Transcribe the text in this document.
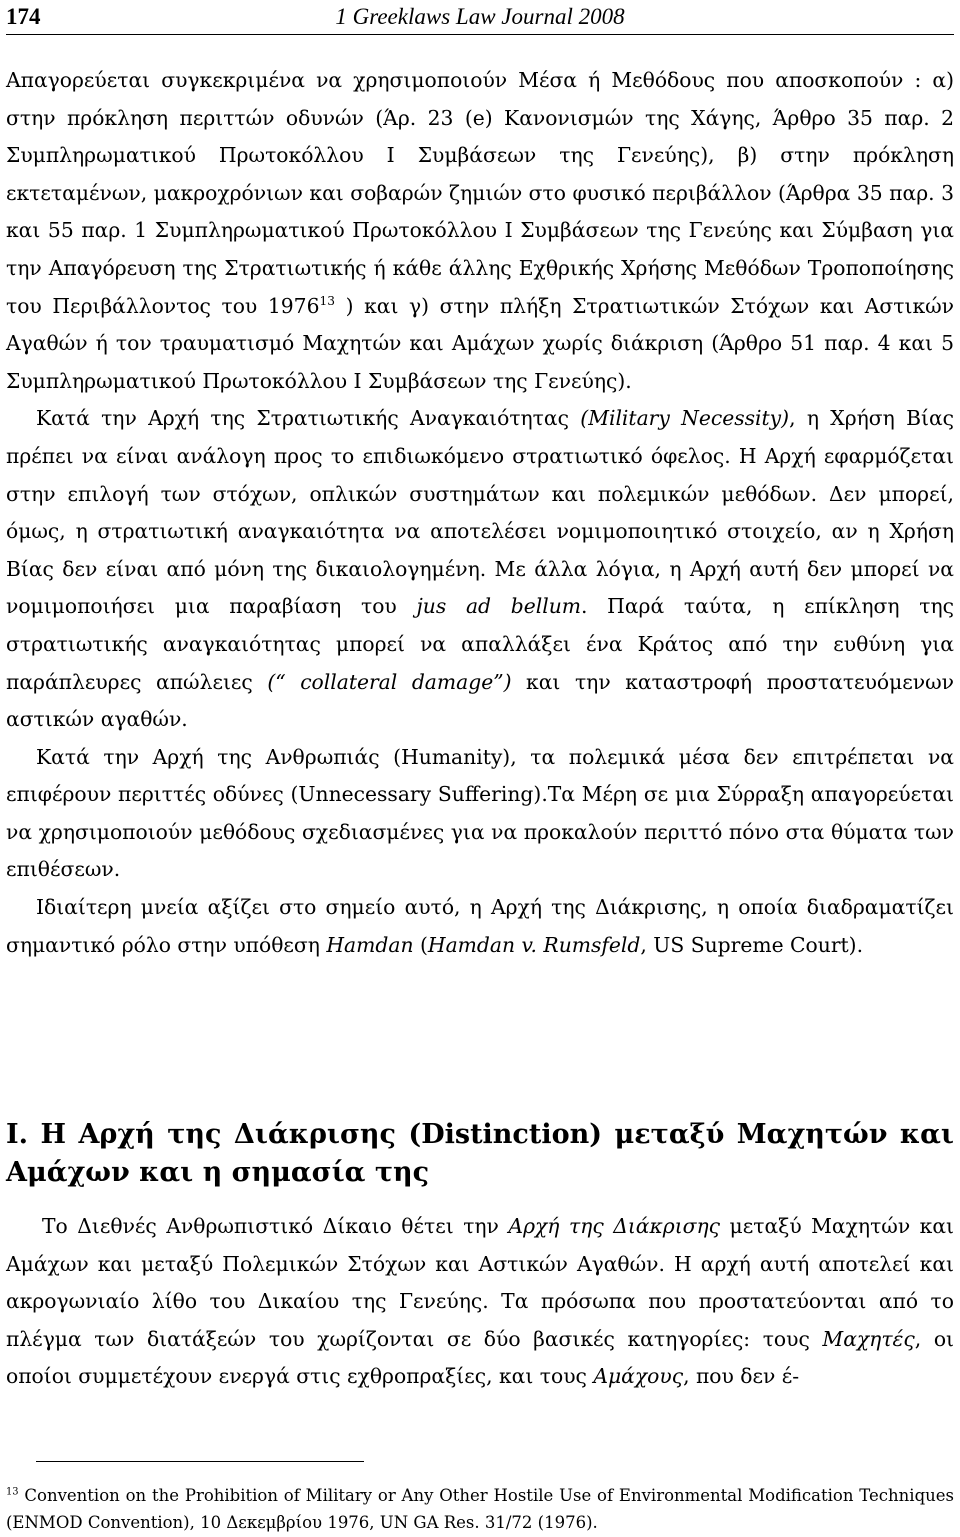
174	1 Greeklaws Law Journal 2008

Απαγορεύεται συγκεκριμένα να χρησιμοποιούν Μέσα ή Μεθόδους που αποσκοπούν : α) στην πρόκληση περιττών οδυνών (Άρ. 23 (e) Κανονισμών της Χάγης, Άρθρο 35 παρ. 2 Συμπληρωματικού Πρωτοκόλλου Ι Συμβάσεων της Γενεύης), β) στην πρόκληση εκτεταμένων, μακροχρόνιων και σοβαρών ζημιών στο φυσικό περιβάλλον (Άρθρα 35 παρ. 3 και 55 παρ. 1 Συμπληρωματικού Πρωτοκόλλου Ι Συμβάσεων της Γενεύης και Σύμβαση για την Απαγόρευση της Στρατιωτικής ή κάθε άλλης Εχθρικής Χρήσης Μεθόδων Τροποποίησης του Περιβάλλοντος του 1976$^{13}$ ) και γ) στην πλήξη Στρατιωτικών Στόχων και Αστικών Αγαθών ή τον τραυματισμό Μαχητών και Αμάχων χωρίς διάκριση (Άρθρο 51 παρ. 4 και 5 Συμπληρωματικού Πρωτοκόλλου Ι Συμβάσεων της Γενεύης).

Κατά την Αρχή της Στρατιωτικής Αναγκαιότητας (Military Necessity), η Χρήση Βίας πρέπει να είναι ανάλογη προς το επιδιωκόμενο στρατιωτικό όφελος. Η Αρχή εφαρμόζεται στην επιλογή των στόχων, οπλικών συστημάτων και πολεμικών μεθόδων. Δεν μπορεί, όμως, η στρατιωτική αναγκαιότητα να αποτελέσει νομιμοποιητικό στοιχείο, αν η Χρήση Βίας δεν είναι από μόνη της δικαιολογημένη. Με άλλα λόγια, η Αρχή αυτή δεν μπορεί να νομιμοποιήσει μια παραβίαση του jus ad bellum. Παρά ταύτα, η επίκληση της στρατιωτικής αναγκαιότητας μπορεί να απαλλάξει ένα Κράτος από την ευθύνη για παράπλευρες απώλειες (“ collateral damage”) και την καταστροφή προστατευόμενων αστικών αγαθών.

Κατά την Αρχή της Ανθρωπιάς (Humanity), τα πολεμικά μέσα δεν επιτρέπεται να επιφέρουν περιττές οδύνες (Unnecessary Suffering).Τα Μέρη σε μια Σύρραξη απαγορεύεται να χρησιμοποιούν μεθόδους σχεδιασμένες για να προκαλούν περιττό πόνο στα θύματα των επιθέσεων.

Ιδιαίτερη μνεία αξίζει στο σημείο αυτό, η Αρχή της Διάκρισης, η οποία διαδραματίζει σημαντικό ρόλο στην υπόθεση Hamdan (Hamdan v. Rumsfeld, US Supreme Court).

Ι. Η Αρχή της Διάκρισης (Distinction) μεταξύ Μαχητών και Αμάχων και η σημασία της

Το Διεθνές Ανθρωπιστικό Δίκαιο θέτει την Αρχή της Διάκρισης μεταξύ Μαχητών και Αμάχων και μεταξύ Πολεμικών Στόχων και Αστικών Αγαθών. Η αρχή αυτή αποτελεί και ακρογωνιαίο λίθο του Δικαίου της Γενεύης. Τα πρόσωπα που προστατεύονται από το πλέγμα των διατάξεών του χωρίζονται σε δύο βασικές κατηγορίες: τους Μαχητές, οι οποίοι συμμετέχουν ενεργά στις εχθροπραξίες, και τους Αμάχους, που δεν έ-

$^{13}$ Convention on the Prohibition of Military or Any Other Hostile Use of Environmental Modification Techniques (ENMOD Convention), 10 Δεκεμβρίου 1976, UN GA Res. 31/72 (1976).
